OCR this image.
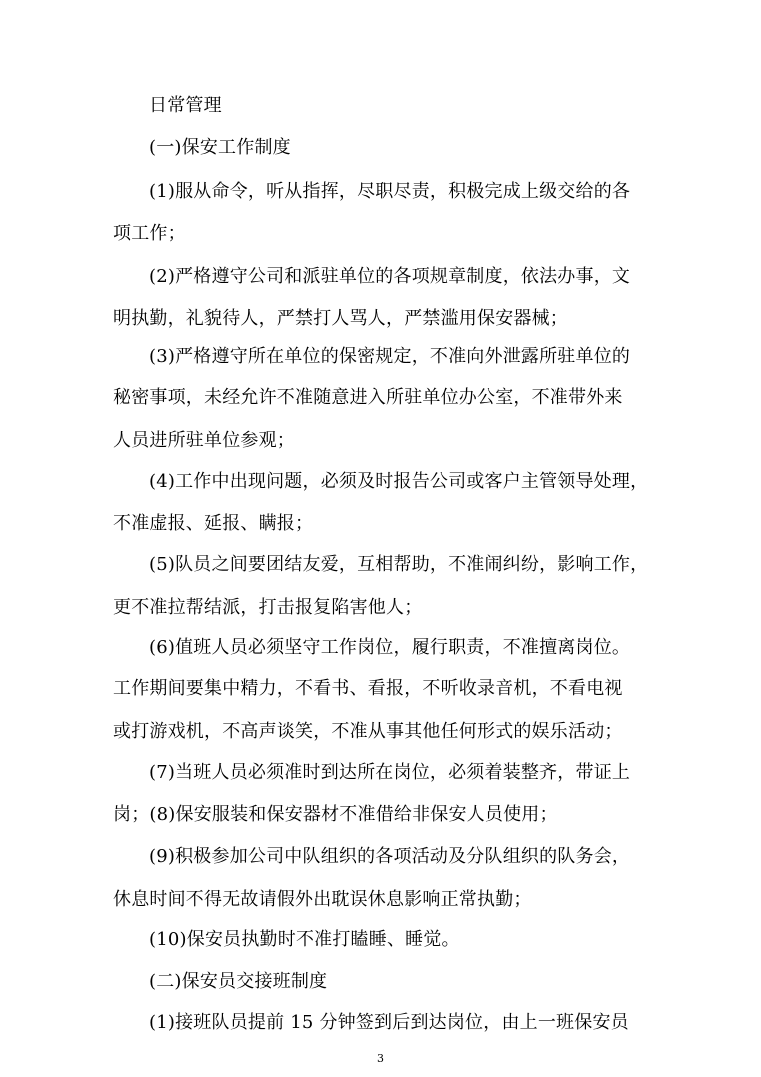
日常管理
(一)保安工作制度
(1)服从命令，听从指挥，尽职尽责，积极完成上级交给的各
项工作；
(2)严格遵守公司和派驻单位的各项规章制度，依法办事，文
明执勤，礼貌待人，严禁打人骂人，严禁滥用保安器械；
(3)严格遵守所在单位的保密规定，不准向外泄露所驻单位的
秘密事项，未经允许不准随意进入所驻单位办公室，不准带外来
人员进所驻单位参观；
(4)工作中出现问题，必须及时报告公司或客户主管领导处理，
不准虚报、延报、瞒报；
(5)队员之间要团结友爱，互相帮助，不准闹纠纷，影响工作，
更不准拉帮结派，打击报复陷害他人；
(6)值班人员必须坚守工作岗位，履行职责，不准擅离岗位。
工作期间要集中精力，不看书、看报，不听收录音机，不看电视
或打游戏机，不高声谈笑，不准从事其他任何形式的娱乐活动；
(7)当班人员必须准时到达所在岗位，必须着装整齐，带证上
岗；(8)保安服装和保安器材不准借给非保安人员使用；
(9)积极参加公司中队组织的各项活动及分队组织的队务会，
休息时间不得无故请假外出耽误休息影响正常执勤；
(10)保安员执勤时不准打瞌睡、睡觉。
(二)保安员交接班制度
(1)接班队员提前 15 分钟签到后到达岗位，由上一班保安员
3
